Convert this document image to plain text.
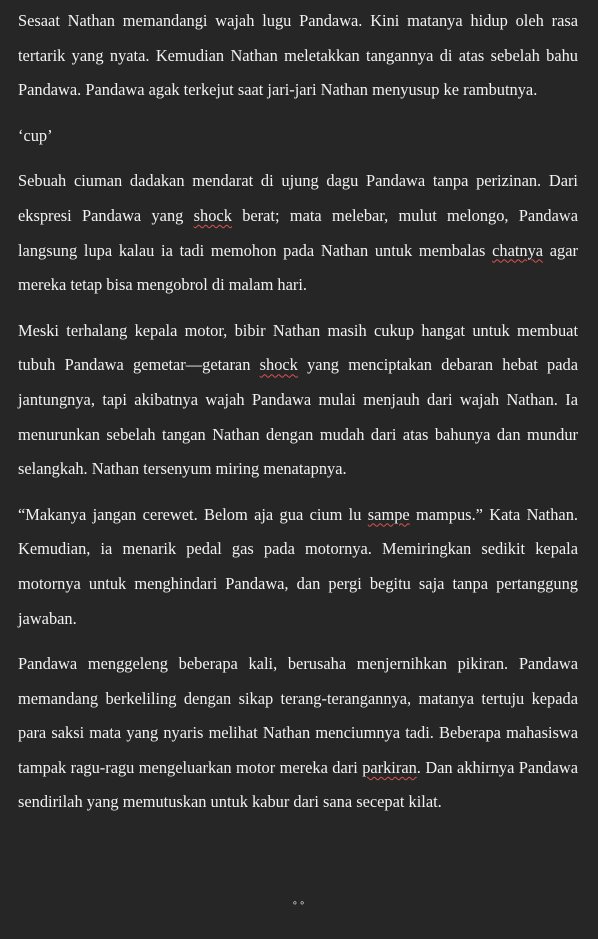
Sesaat Nathan memandangi wajah lugu Pandawa. Kini matanya hidup oleh rasa tertarik yang nyata. Kemudian Nathan meletakkan tangannya di atas sebelah bahu Pandawa. Pandawa agak terkejut saat jari-jari Nathan menyusup ke rambutnya.

‘cup’

Sebuah ciuman dadakan mendarat di ujung dagu Pandawa tanpa perizinan. Dari ekspresi Pandawa yang shock berat; mata melebar, mulut melongo, Pandawa langsung lupa kalau ia tadi memohon pada Nathan untuk membalas chatnya agar mereka tetap bisa mengobrol di malam hari.

Meski terhalang kepala motor, bibir Nathan masih cukup hangat untuk membuat tubuh Pandawa gemetar—getaran shock yang menciptakan debaran hebat pada jantungnya, tapi akibatnya wajah Pandawa mulai menjauh dari wajah Nathan. Ia menurunkan sebelah tangan Nathan dengan mudah dari atas bahunya dan mundur selangkah. Nathan tersenyum miring menatapnya.

“Makanya jangan cerewet. Belom aja gua cium lu sampe mampus.” Kata Nathan. Kemudian, ia menarik pedal gas pada motornya. Memiringkan sedikit kepala motornya untuk menghindari Pandawa, dan pergi begitu saja tanpa pertanggung jawaban.

Pandawa menggeleng beberapa kali, berusaha menjernihkan pikiran. Pandawa memandang berkeliling dengan sikap terang-terangannya, matanya tertuju kepada para saksi mata yang nyaris melihat Nathan menciumnya tadi. Beberapa mahasiswa tampak ragu-ragu mengeluarkan motor mereka dari parkiran. Dan akhirnya Pandawa sendirilah yang memutuskan untuk kabur dari sana secepat kilat.

∘∘
